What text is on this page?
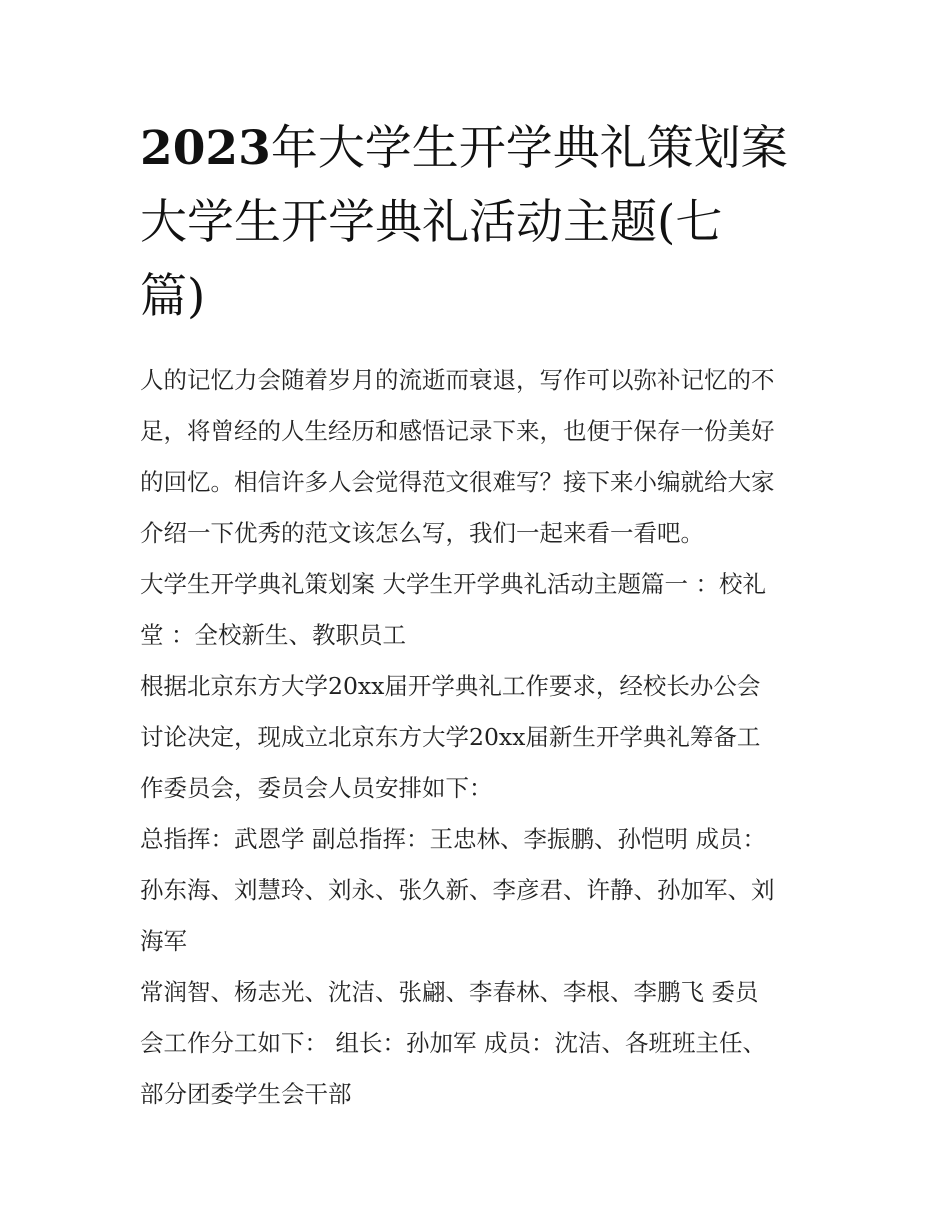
2023年大学生开学典礼策划案
大学生开学典礼活动主题(七
篇)
人的记忆力会随着岁月的流逝而衰退，写作可以弥补记忆的不
足，将曾经的人生经历和感悟记录下来，也便于保存一份美好
的回忆。相信许多人会觉得范文很难写？接下来小编就给大家
介绍一下优秀的范文该怎么写，我们一起来看一看吧。
大学生开学典礼策划案 大学生开学典礼活动主题篇一 ：校礼
堂 ：全校新生、教职员工
根据北京东方大学20xx届开学典礼工作要求，经校长办公会
讨论决定，现成立北京东方大学20xx届新生开学典礼筹备工
作委员会，委员会人员安排如下：
总指挥：武恩学 副总指挥：王忠林、李振鹏、孙恺明 成员：
孙东海、刘慧玲、刘永、张久新、李彦君、许静、孙加军、刘
海军
常润智、杨志光、沈洁、张翩、李春林、李根、李鹏飞 委员
会工作分工如下： 组长：孙加军 成员：沈洁、各班班主任、
部分团委学生会干部
